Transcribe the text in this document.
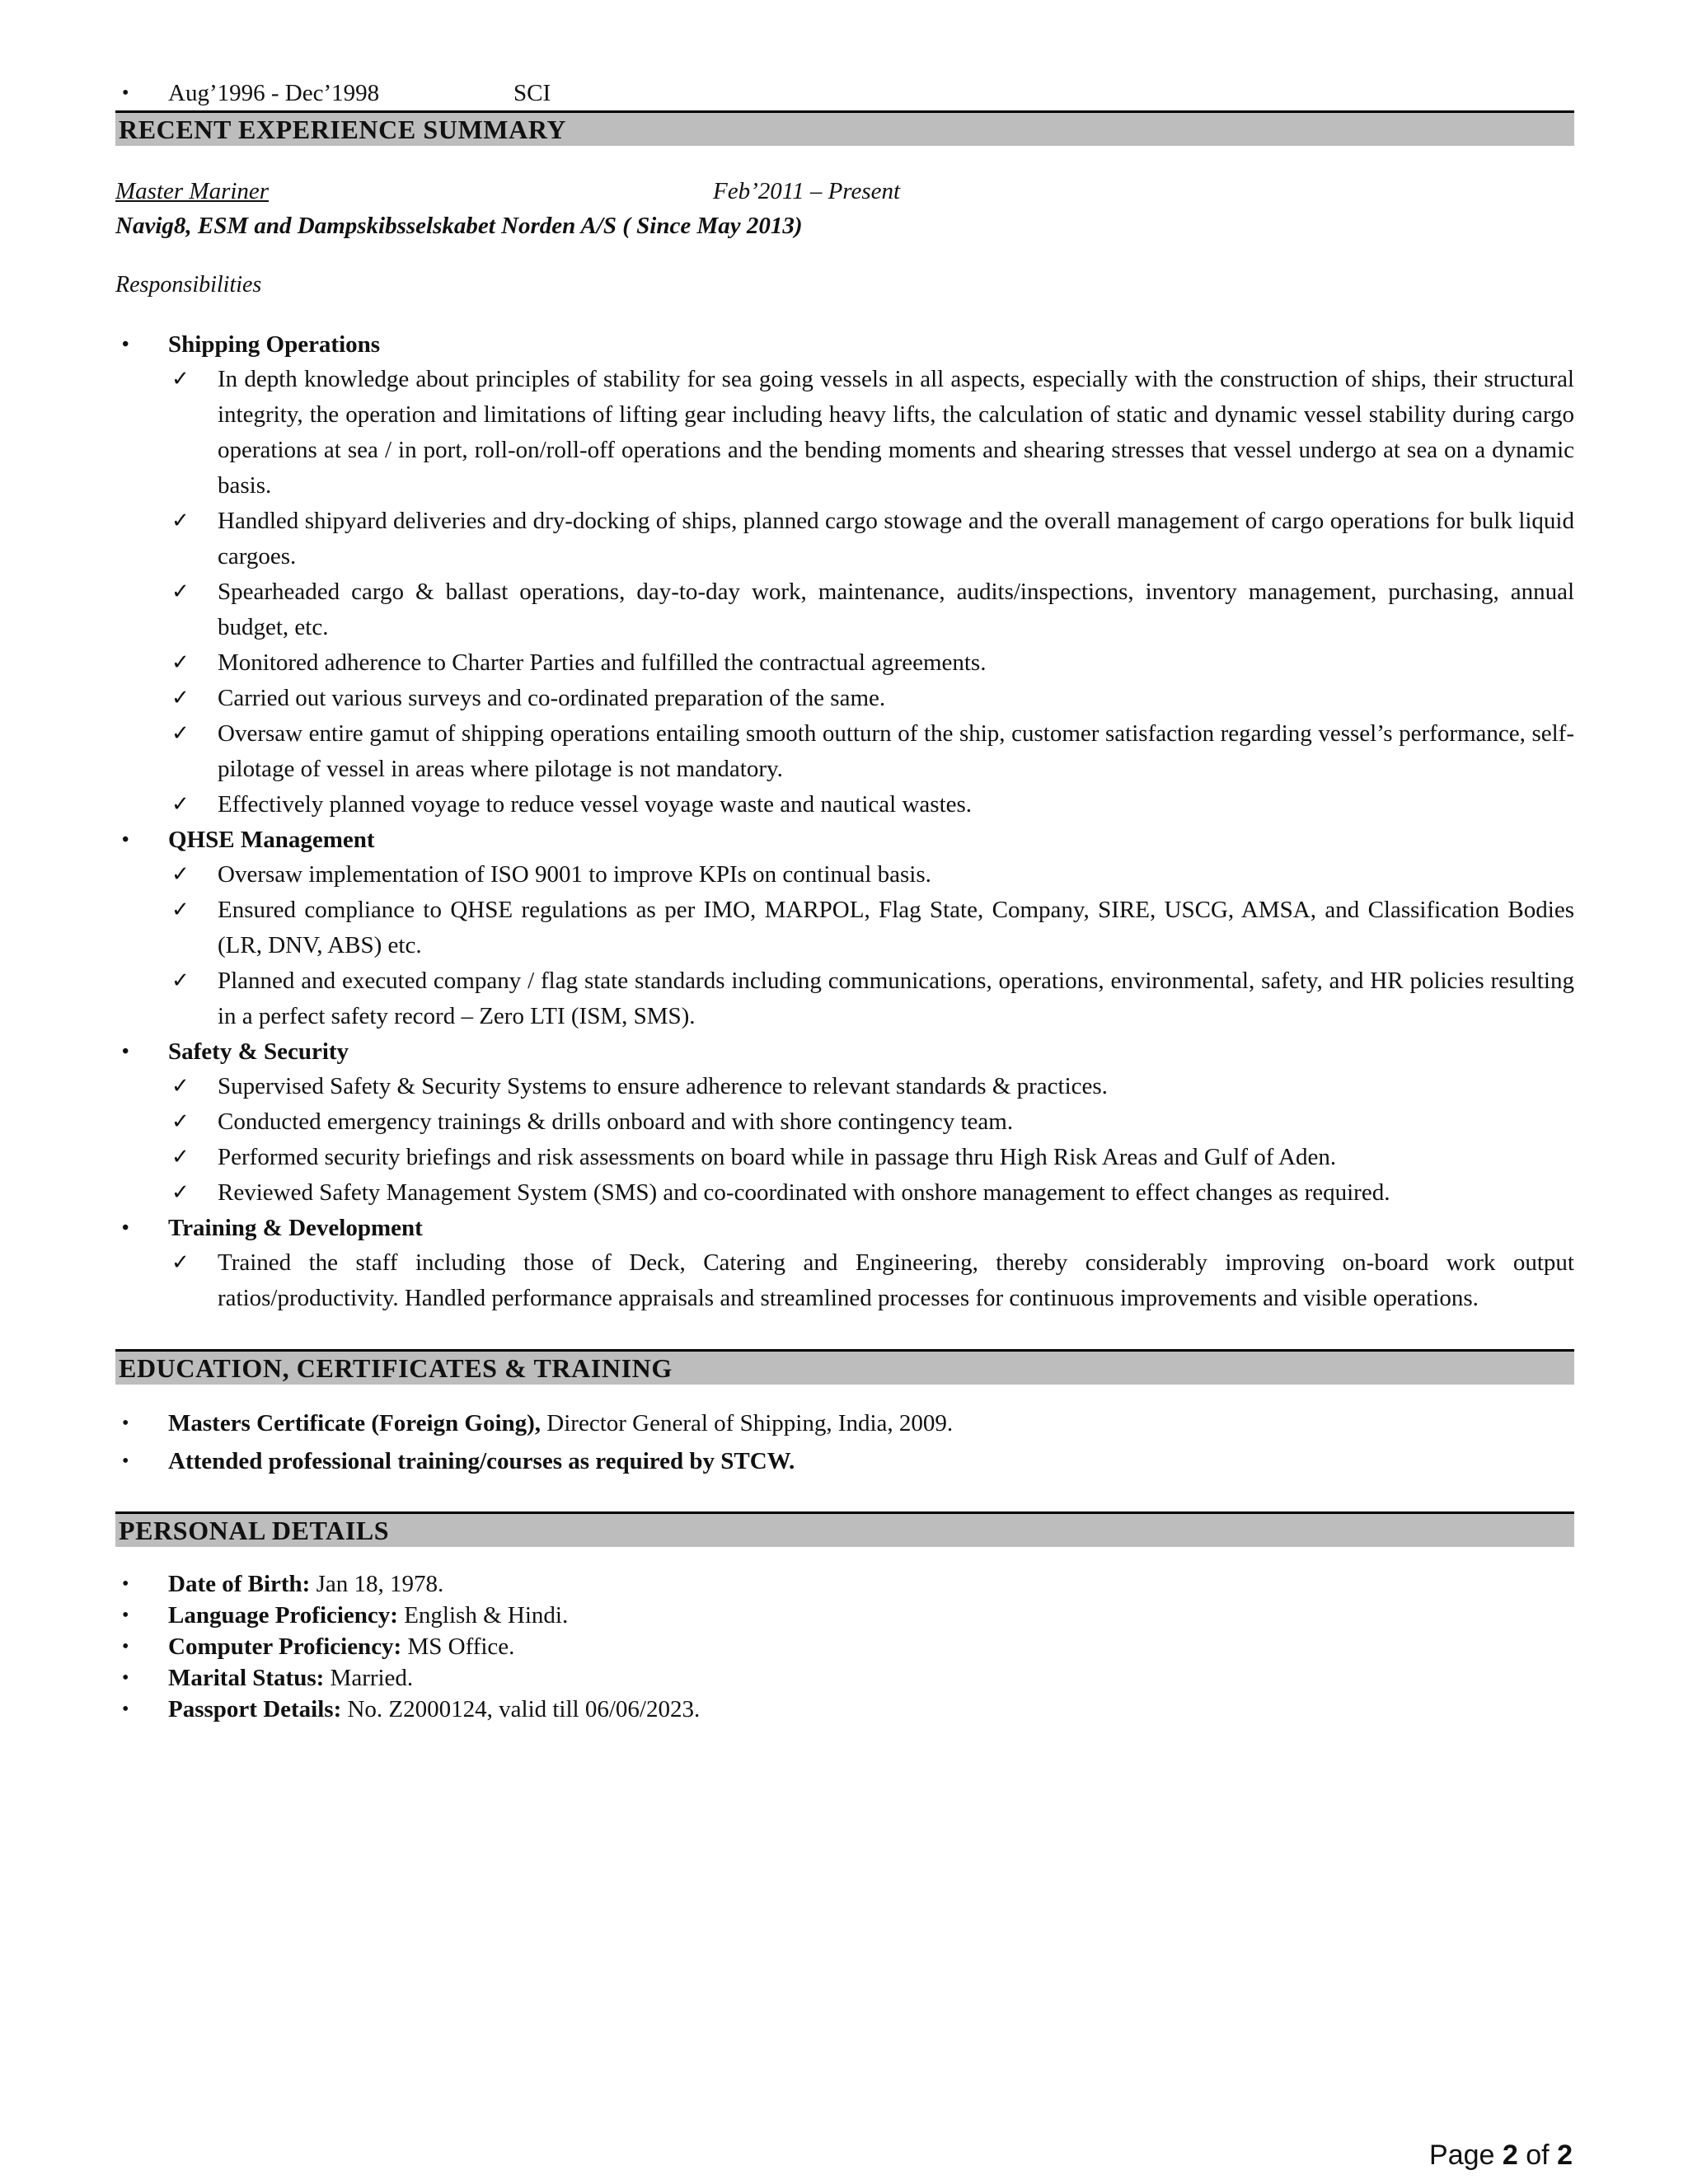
• Aug’1996 - Dec’1998	SCI
RECENT EXPERIENCE SUMMARY
Master Mariner	Feb’2011 – Present
Navig8, ESM and Dampskibsselskabet Norden A/S ( Since May 2013)
Responsibilities
• Shipping Operations
✓ In depth knowledge about principles of stability for sea going vessels in all aspects, especially with the construction of ships, their structural integrity, the operation and limitations of lifting gear including heavy lifts, the calculation of static and dynamic vessel stability during cargo operations at sea / in port, roll-on/roll-off operations and the bending moments and shearing stresses that vessel undergo at sea on a dynamic basis.
✓ Handled shipyard deliveries and dry-docking of ships, planned cargo stowage and the overall management of cargo operations for bulk liquid cargoes.
✓ Spearheaded cargo & ballast operations, day-to-day work, maintenance, audits/inspections, inventory management, purchasing, annual budget, etc.
✓ Monitored adherence to Charter Parties and fulfilled the contractual agreements.
✓ Carried out various surveys and co-ordinated preparation of the same.
✓ Oversaw entire gamut of shipping operations entailing smooth outturn of the ship, customer satisfaction regarding vessel’s performance, self-pilotage of vessel in areas where pilotage is not mandatory.
✓ Effectively planned voyage to reduce vessel voyage waste and nautical wastes.
• QHSE Management
✓ Oversaw implementation of ISO 9001 to improve KPIs on continual basis.
✓ Ensured compliance to QHSE regulations as per IMO, MARPOL, Flag State, Company, SIRE, USCG, AMSA, and Classification Bodies (LR, DNV, ABS) etc.
✓ Planned and executed company / flag state standards including communications, operations, environmental, safety, and HR policies resulting in a perfect safety record – Zero LTI (ISM, SMS).
• Safety & Security
✓ Supervised Safety & Security Systems to ensure adherence to relevant standards & practices.
✓ Conducted emergency trainings & drills onboard and with shore contingency team.
✓ Performed security briefings and risk assessments on board while in passage thru High Risk Areas and Gulf of Aden.
✓ Reviewed Safety Management System (SMS) and co-coordinated with onshore management to effect changes as required.
• Training & Development
✓ Trained the staff including those of Deck, Catering and Engineering, thereby considerably improving on-board work output ratios/productivity. Handled performance appraisals and streamlined processes for continuous improvements and visible operations.
EDUCATION, CERTIFICATES & TRAINING
• Masters Certificate (Foreign Going), Director General of Shipping, India, 2009.
• Attended professional training/courses as required by STCW.
PERSONAL DETAILS
• Date of Birth: Jan 18, 1978.
• Language Proficiency: English & Hindi.
• Computer Proficiency: MS Office.
• Marital Status: Married.
• Passport Details: No. Z2000124, valid till 06/06/2023.
Page 2 of 2
